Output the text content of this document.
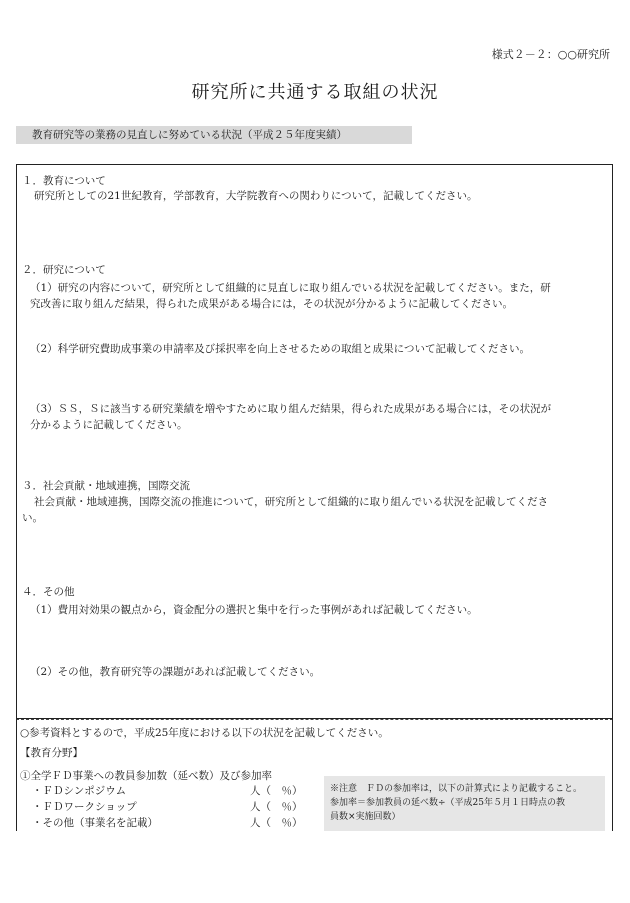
様式２－２：○○研究所
研究所に共通する取組の状況
教育研究等の業務の見直しに努めている状況（平成２５年度実績）
１．教育について
研究所としての21世紀教育，学部教育，大学院教育への関わりについて，記載してください。
２．研究について
（1）研究の内容について，研究所として組織的に見直しに取り組んでいる状況を記載してください。また，研
究改善に取り組んだ結果，得られた成果がある場合には，その状況が分かるように記載してください。
（2）科学研究費助成事業の申請率及び採択率を向上させるための取組と成果について記載してください。
（3）ＳＳ，Ｓに該当する研究業績を増やすために取り組んだ結果，得られた成果がある場合には，その状況が
分かるように記載してください。
３．社会貢献・地域連携，国際交流
社会貢献・地域連携，国際交流の推進について，研究所として組織的に取り組んでいる状況を記載してくださ
い。
４．その他
（1）費用対効果の観点から，資金配分の選択と集中を行った事例があれば記載してください。
（2）その他，教育研究等の課題があれば記載してください。
○参考資料とするので，平成25年度における以下の状況を記載してください。
【教育分野】
①全学ＦＤ事業への教員参加数（延べ数）及び参加率
・ＦＤシンポジウム	人（　％）
・ＦＤワークショップ	人（　％）
・その他（事業名を記載）	人（　％）
※注意　ＦＤの参加率は，以下の計算式により記載すること。
参加率＝参加教員の延べ数÷（平成25年５月１日時点の教
員数×実施回数）
